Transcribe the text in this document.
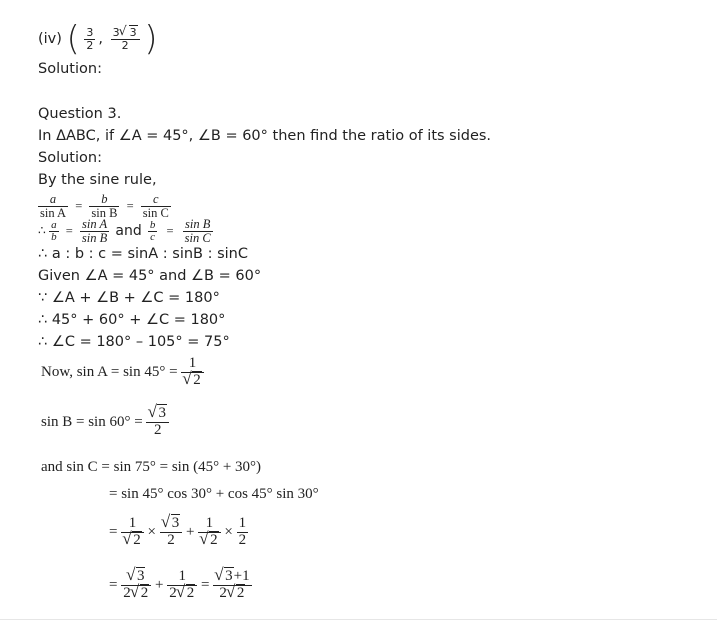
(iv) ( $\frac{3}{2}$ , $\frac{3 √ 3}{2}$ )
Solution:
Question 3.
In ΔABC, if ∠A = 45°, ∠B = 60° then find the ratio of its sides.
Solution:
By the sine rule,
$\frac{a}{\text{sin A}} = \frac{b}{\text{sin B}} = \frac{c}{\text{sin C}}$
∴ $\frac{a}{b} = \frac{\text{sin A}}{\text{sin B}}$ and $\frac{b}{c} = \frac{\text{sin B}}{\text{sin C}}$
∴ a : b : c = sinA : sinB : sinC
Given ∠A = 45° and ∠B = 60°
∵ ∠A + ∠B + ∠C = 180°
∴ 45° + 60° + ∠C = 180°
∴ ∠C = 180° – 105° = 75°
Now, sin A = sin 45° = 1
√ 2
sin B = sin 60° = √ $\frac{3}{2}$
and sin C = sin 75° = sin (45° + 30°)
= sin 45° cos 30° + cos 45° sin 30°
= 1
√ 2 × √ $\frac{3}{2} + 1$
√ $2 \times \frac{1}{2}$
= √ $\frac{3}{2 √ 2} + \frac{1}{2 √ 2}$ = √ $\frac{3+1}{2 √ 2}$
